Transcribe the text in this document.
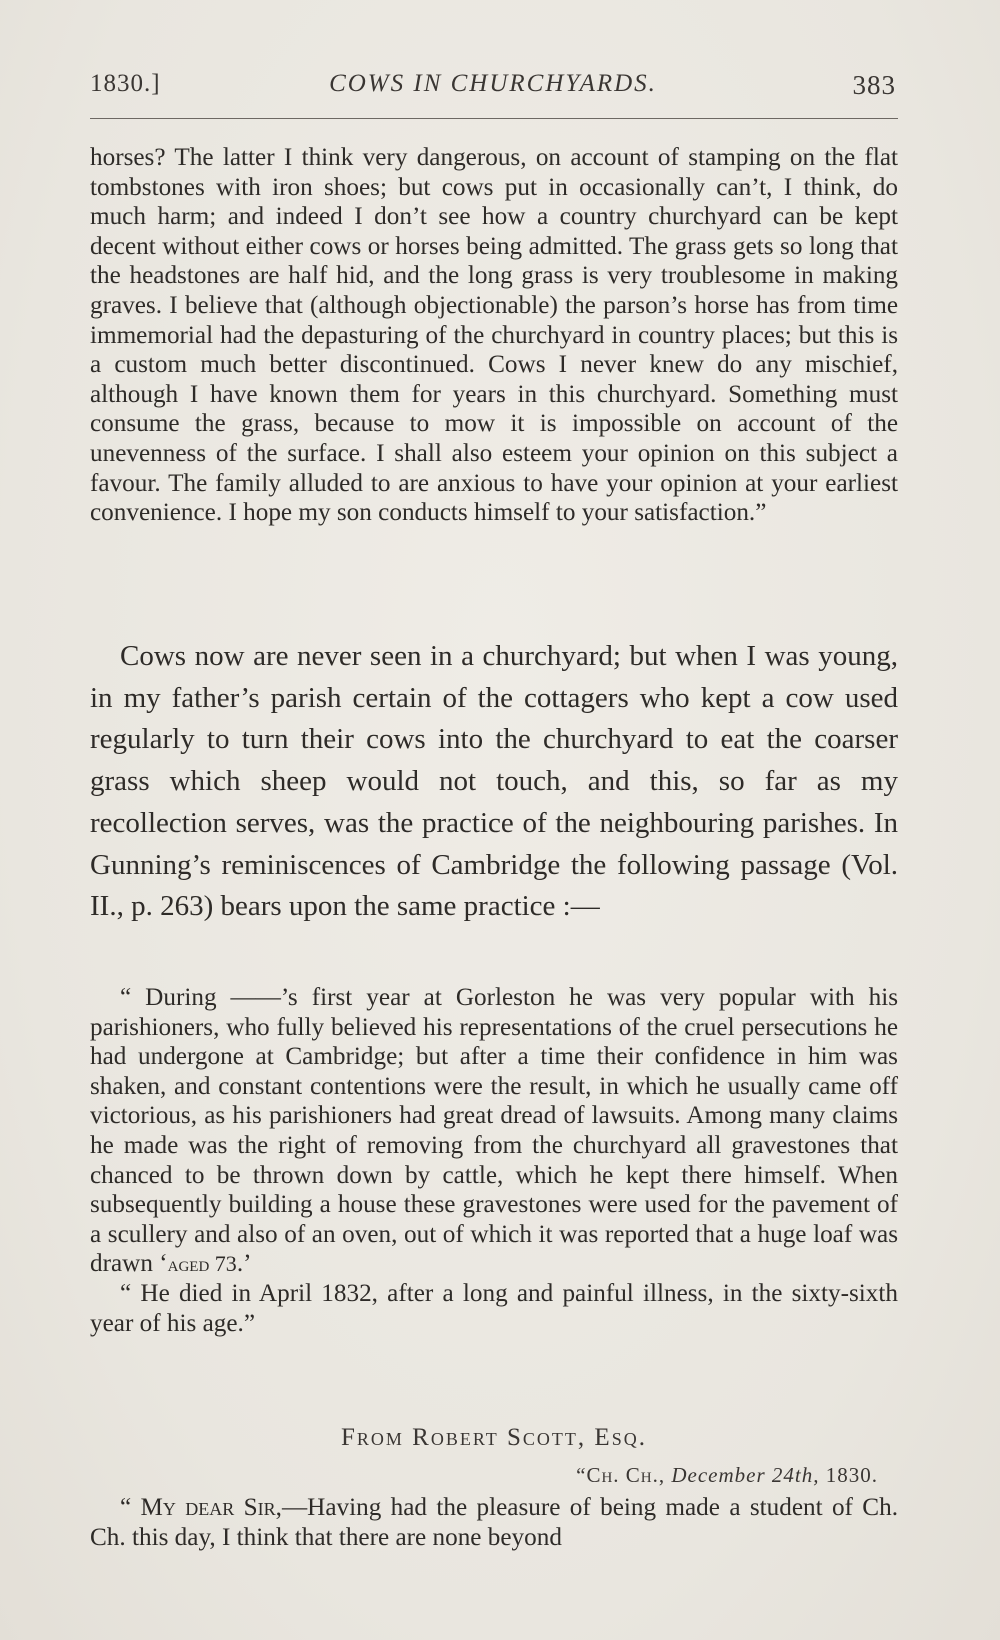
1830.]	COWS IN CHURCHYARDS.	383

horses? The latter I think very dangerous, on account of stamping on the flat tombstones with iron shoes; but cows put in occasionally can’t, I think, do much harm; and indeed I don’t see how a country churchyard can be kept decent without either cows or horses being admitted. The grass gets so long that the headstones are half hid, and the long grass is very troublesome in making graves. I believe that (although objectionable) the parson’s horse has from time immemorial had the depasturing of the churchyard in country places; but this is a custom much better discontinued. Cows I never knew do any mischief, although I have known them for years in this churchyard. Something must consume the grass, because to mow it is impossible on account of the unevenness of the surface. I shall also esteem your opinion on this subject a favour. The family alluded to are anxious to have your opinion at your earliest convenience. I hope my son conducts himself to your satisfaction.”

Cows now are never seen in a churchyard; but when I was young, in my father’s parish certain of the cottagers who kept a cow used regularly to turn their cows into the churchyard to eat the coarser grass which sheep would not touch, and this, so far as my recollection serves, was the practice of the neighbouring parishes. In Gunning’s reminiscences of Cambridge the following passage (Vol. II., p. 263) bears upon the same practice :—

“ During ——’s first year at Gorleston he was very popular with his parishioners, who fully believed his representations of the cruel persecutions he had undergone at Cambridge; but after a time their confidence in him was shaken, and constant contentions were the result, in which he usually came off victorious, as his parishioners had great dread of lawsuits. Among many claims he made was the right of removing from the churchyard all gravestones that chanced to be thrown down by cattle, which he kept there himself. When subsequently building a house these gravestones were used for the pavement of a scullery and also of an oven, out of which it was reported that a huge loaf was drawn ‘aged 73.’

“ He died in April 1832, after a long and painful illness, in the sixty-sixth year of his age.”

From Robert Scott, Esq.
“Ch. Ch., December 24th, 1830.

“ My dear Sir,—Having had the pleasure of being made a student of Ch. Ch. this day, I think that there are none beyond
